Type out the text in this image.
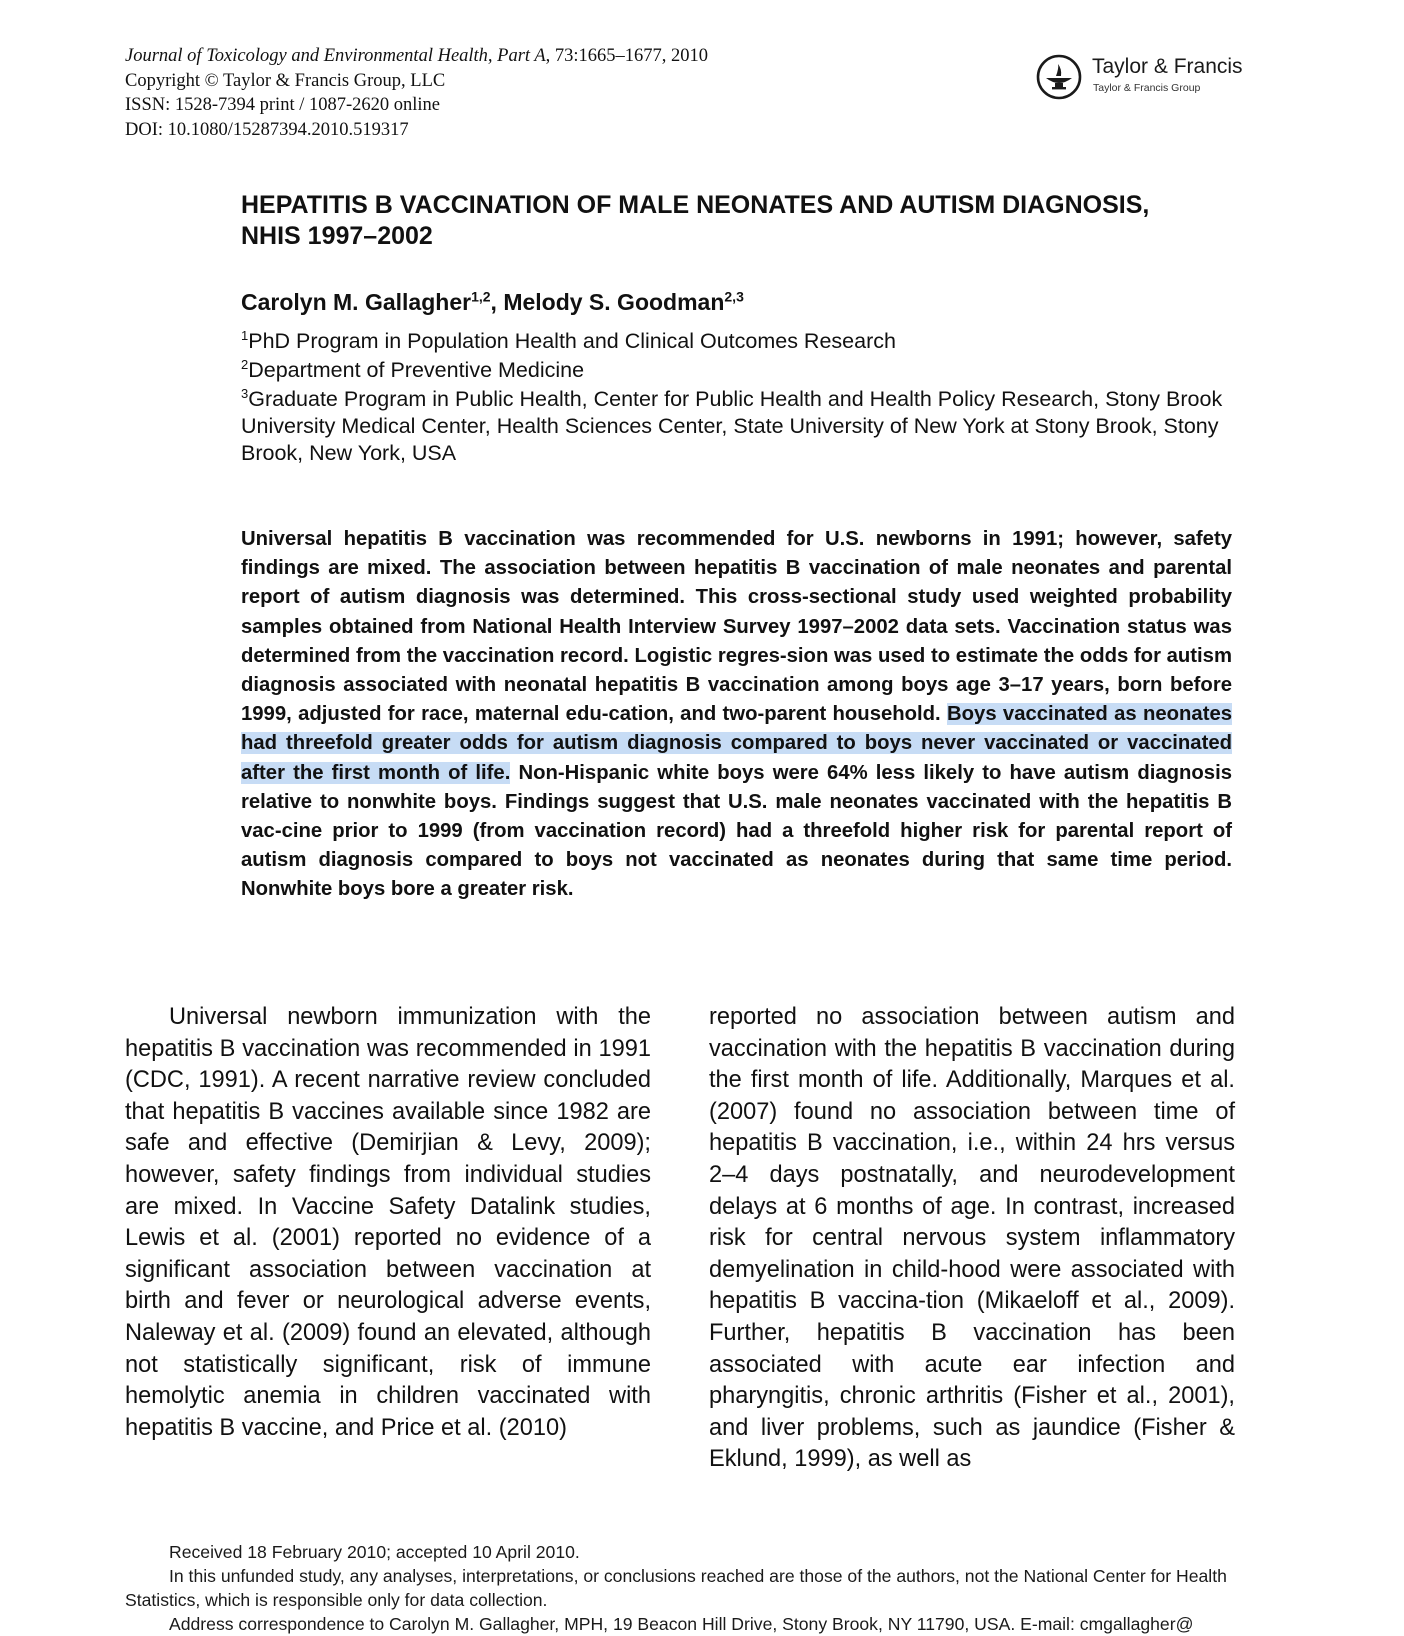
Journal of Toxicology and Environmental Health, Part A, 73:1665–1677, 2010
Copyright © Taylor & Francis Group, LLC
ISSN: 1528-7394 print / 1087-2620 online
DOI: 10.1080/15287394.2010.519317
Taylor & Francis
Taylor & Francis Group
HEPATITIS B VACCINATION OF MALE NEONATES AND AUTISM DIAGNOSIS,
NHIS 1997–2002
Carolyn M. Gallagher$^{1,2}$, Melody S. Goodman$^{2,3}$

$^1$PhD Program in Population Health and Clinical Outcomes Research

$^2$Department of Preventive Medicine

$^3$Graduate Program in Public Health, Center for Public Health and Health Policy Research, Stony Brook University Medical Center, Health Sciences Center, State University of New York at Stony Brook, Stony Brook, New York, USA

Universal hepatitis B vaccination was recommended for U.S. newborns in 1991; however, safety findings are mixed. The association between hepatitis B vaccination of male neonates and parental report of autism diagnosis was determined. This cross-sectional study used weighted probability samples obtained from National Health Interview Survey 1997–2002 data sets. Vaccination status was determined from the vaccination record. Logistic regres-sion was used to estimate the odds for autism diagnosis associated with neonatal hepatitis B vaccination among boys age 3–17 years, born before 1999, adjusted for race, maternal edu-cation, and two-parent household. Boys vaccinated as neonates had threefold greater odds for autism diagnosis compared to boys never vaccinated or vaccinated after the first month of life. Non-Hispanic white boys were 64% less likely to have autism diagnosis relative to nonwhite boys. Findings suggest that U.S. male neonates vaccinated with the hepatitis B vac-cine prior to 1999 (from vaccination record) had a threefold higher risk for parental report of autism diagnosis compared to boys not vaccinated as neonates during that same time period. Nonwhite boys bore a greater risk.

Universal newborn immunization with the hepatitis B vaccination was recommended in 1991 (CDC, 1991). A recent narrative review concluded that hepatitis B vaccines available since 1982 are safe and effective (Demirjian & Levy, 2009); however, safety findings from individual studies are mixed. In Vaccine Safety Datalink studies, Lewis et al. (2001) reported no evidence of a significant association between vaccination at birth and fever or neurological adverse events, Naleway et al. (2009) found an elevated, although not statistically significant, risk of immune hemolytic anemia in children vaccinated with hepatitis B vaccine, and Price et al. (2010)

reported no association between autism and vaccination with the hepatitis B vaccination during the first month of life. Additionally, Marques et al. (2007) found no association between time of hepatitis B vaccination, i.e., within 24 hrs versus 2–4 days postnatally, and neurodevelopment delays at 6 months of age. In contrast, increased risk for central nervous system inflammatory demyelination in child-hood were associated with hepatitis B vaccina-tion (Mikaeloff et al., 2009). Further, hepatitis B vaccination has been associated with acute ear infection and pharyngitis, chronic arthritis (Fisher et al., 2001), and liver problems, such as jaundice (Fisher & Eklund, 1999), as well as

Received 18 February 2010; accepted 10 April 2010.

In this unfunded study, any analyses, interpretations, or conclusions reached are those of the authors, not the National Center for Health Statistics, which is responsible only for data collection.

Address correspondence to Carolyn M. Gallagher, MPH, 19 Beacon Hill Drive, Stony Brook, NY 11790, USA. E-mail: cmgallagher@
